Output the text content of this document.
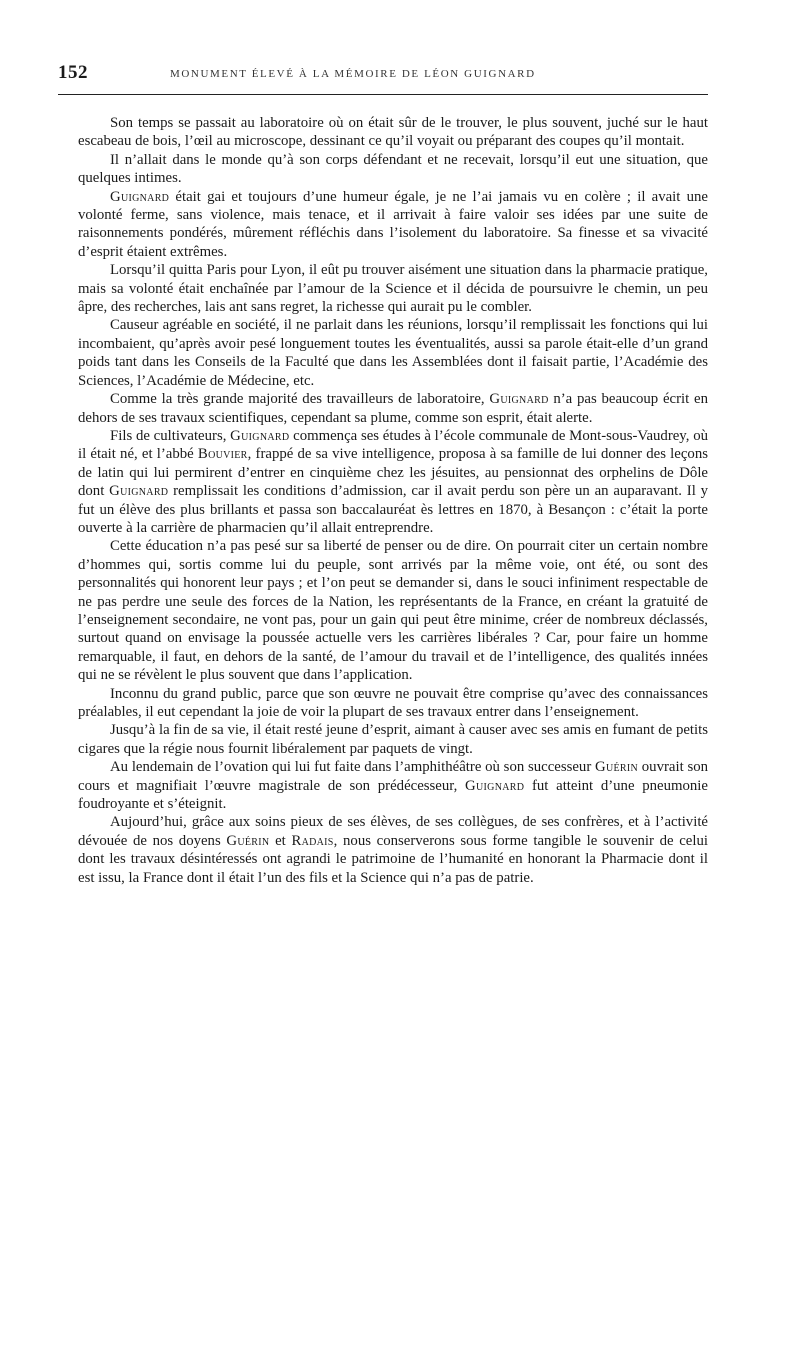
152	MONUMENT ÉLEVÉ À LA MÉMOIRE DE LÉON GUIGNARD

Son temps se passait au laboratoire où on était sûr de le trouver, le plus souvent, juché sur le haut escabeau de bois, l’œil au microscope, dessinant ce qu’il voyait ou préparant des coupes qu’il montait.

Il n’allait dans le monde qu’à son corps défendant et ne recevait, lorsqu’il eut une situation, que quelques intimes.

Guignard était gai et toujours d’une humeur égale, je ne l’ai jamais vu en colère ; il avait une volonté ferme, sans violence, mais tenace, et il arrivait à faire valoir ses idées par une suite de raisonnements pondérés, mûrement réfléchis dans l’isolement du laboratoire. Sa finesse et sa vivacité d’esprit étaient extrêmes.

Lorsqu’il quitta Paris pour Lyon, il eût pu trouver aisément une situation dans la pharmacie pratique, mais sa volonté était enchaînée par l’amour de la Science et il décida de poursuivre le chemin, un peu âpre, des recherches, lais ant sans regret, la richesse qui aurait pu le combler.

Causeur agréable en société, il ne parlait dans les réunions, lorsqu’il remplissait les fonctions qui lui incombaient, qu’après avoir pesé longuement toutes les éventualités, aussi sa parole était-elle d’un grand poids tant dans les Conseils de la Faculté que dans les Assemblées dont il faisait partie, l’Académie des Sciences, l’Académie de Médecine, etc.

Comme la très grande majorité des travailleurs de laboratoire, Guignard n’a pas beaucoup écrit en dehors de ses travaux scientifiques, cependant sa plume, comme son esprit, était alerte.

Fils de cultivateurs, Guignard commença ses études à l’école communale de Mont-sous-Vaudrey, où il était né, et l’abbé Bouvier, frappé de sa vive intelligence, proposa à sa famille de lui donner des leçons de latin qui lui permirent d’entrer en cinquième chez les jésuites, au pensionnat des orphelins de Dôle dont Guignard remplissait les conditions d’admission, car il avait perdu son père un an auparavant. Il y fut un élève des plus brillants et passa son baccalauréat ès lettres en 1870, à Besançon : c’était la porte ouverte à la carrière de pharmacien qu’il allait entreprendre.

Cette éducation n’a pas pesé sur sa liberté de penser ou de dire. On pourrait citer un certain nombre d’hommes qui, sortis comme lui du peuple, sont arrivés par la même voie, ont été, ou sont des personnalités qui honorent leur pays ; et l’on peut se demander si, dans le souci infiniment respectable de ne pas perdre une seule des forces de la Nation, les représentants de la France, en créant la gratuité de l’enseignement secondaire, ne vont pas, pour un gain qui peut être minime, créer de nombreux déclassés, surtout quand on envisage la poussée actuelle vers les carrières libérales ? Car, pour faire un homme remarquable, il faut, en dehors de la santé, de l’amour du travail et de l’intelligence, des qualités innées qui ne se révèlent le plus souvent que dans l’application.

Inconnu du grand public, parce que son œuvre ne pouvait être comprise qu’avec des connaissances préalables, il eut cependant la joie de voir la plupart de ses travaux entrer dans l’enseignement.

Jusqu’à la fin de sa vie, il était resté jeune d’esprit, aimant à causer avec ses amis en fumant de petits cigares que la régie nous fournit libéralement par paquets de vingt.

Au lendemain de l’ovation qui lui fut faite dans l’amphithéâtre où son successeur Guérin ouvrait son cours et magnifiait l’œuvre magistrale de son prédécesseur, Guignard fut atteint d’une pneumonie foudroyante et s’éteignit.

Aujourd’hui, grâce aux soins pieux de ses élèves, de ses collègues, de ses confrères, et à l’activité dévouée de nos doyens Guérin et Radais, nous conserverons sous forme tangible le souvenir de celui dont les travaux désintéressés ont agrandi le patrimoine de l’humanité en honorant la Pharmacie dont il est issu, la France dont il était l’un des fils et la Science qui n’a pas de patrie.
